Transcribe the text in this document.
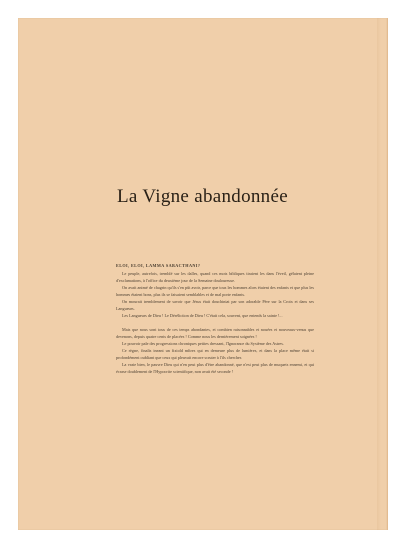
La Vigne abandonnée

ELOI, ELOI, LAMMA SABACTHANI?

Le peuple, autrefois, tremblé sur les dalles, quand ces mots bibliques tiraient les dans l'éveil, gélaient pleine d'exclamations, à l'office du deuxième jour de la Semaine douloureuse.

On avait animé de chagrin qu'ils s'en pût avoir, parce que tous les hommes alors étaient des enfants et que plus les hommes étaient bons, plus ils se faisaient semblables et de mal porte enfants.

On mourait tremblement de savoir que Jésus était douchiniat par son adorable Père sur la Croix et dans ses Langueurs.

Les Langueurs de Dieu ! Le Déréliction de Dieu ! C'était cela, souvent, que entends la sainte !...

Mais que nous sont tous de ces temps abondantes, et combien raisonnables et nouées et nouveaux-venus que devenons, depuis quatre cents de placées ! Comme nous les dernièrement soignées !

Le pouvoir pale des progressions chroniques petites dressant, l'Ignorance du Système des Astres.

Ce règne, finalis ineant un fixiold mîtres qui en demeure plus de lumières, et dans la place même était si profondément oubliant que ceux qui pleuvait encore scruter à l'ils chercher.

La vraie bien, le pauvre Dieu qui n'en peut plus d'être abandonné, que n'est peut plus de muquets ennemi, et qui écrase doublement de l'Hypocrite scientifique, non avait été seconde !
